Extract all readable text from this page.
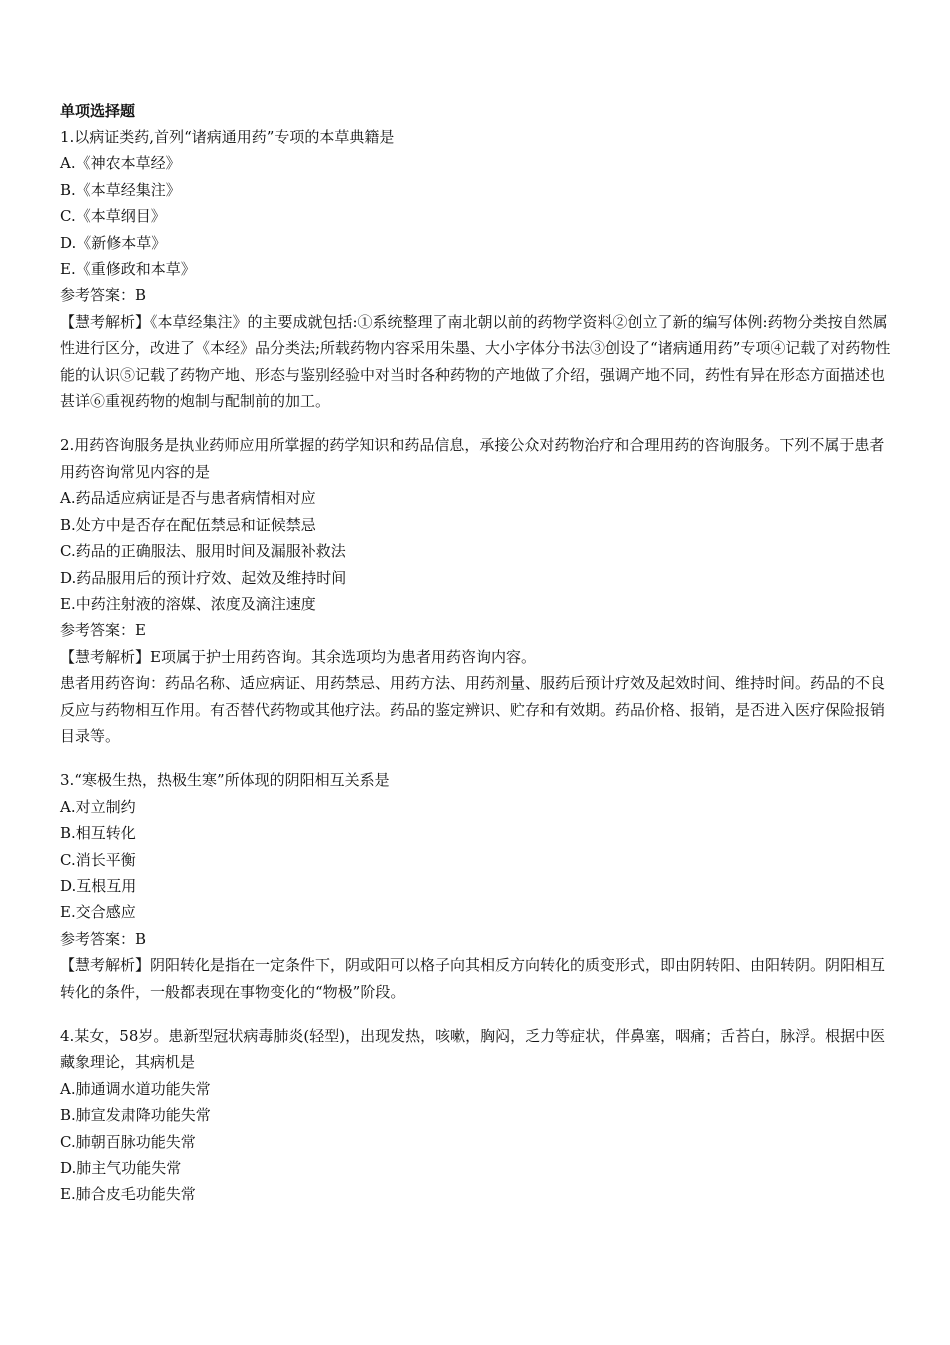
单项选择题
1.以病证类药,首列“诸病通用药”专项的本草典籍是
A.《神农本草经》
B.《本草经集注》
C.《本草纲目》
D.《新修本草》
E.《重修政和本草》
参考答案：B
【慧考解析】《本草经集注》的主要成就包括:①系统整理了南北朝以前的药物学资料②创立了新的编写体例:药物分类按自然属性进行区分，改进了《本经》品分类法;所载药物内容采用朱墨、大小字体分书法③创设了“诸病通用药”专项④记载了对药物性能的认识⑤记载了药物产地、形态与鉴别经验中对当时各种药物的产地做了介绍，强调产地不同，药性有异在形态方面描述也甚详⑥重视药物的炮制与配制前的加工。
2.用药咨询服务是执业药师应用所掌握的药学知识和药品信息，承接公众对药物治疗和合理用药的咨询服务。下列不属于患者用药咨询常见内容的是
A.药品适应病证是否与患者病情相对应
B.处方中是否存在配伍禁忌和证候禁忌
C.药品的正确服法、服用时间及漏服补救法
D.药品服用后的预计疗效、起效及维持时间
E.中药注射液的溶媒、浓度及滴注速度
参考答案：E
【慧考解析】E项属于护士用药咨询。其余选项均为患者用药咨询内容。
患者用药咨询：药品名称、适应病证、用药禁忌、用药方法、用药剂量、服药后预计疗效及起效时间、维持时间。药品的不良反应与药物相互作用。有否替代药物或其他疗法。药品的鉴定辨识、贮存和有效期。药品价格、报销，是否进入医疗保险报销目录等。
3.“寒极生热，热极生寒”所体现的阴阳相互关系是
A.对立制约
B.相互转化
C.消长平衡
D.互根互用
E.交合感应
参考答案：B
【慧考解析】阴阳转化是指在一定条件下，阴或阳可以格子向其相反方向转化的质变形式，即由阴转阳、由阳转阴。阴阳相互转化的条件，一般都表现在事物变化的“物极”阶段。
4.某女，58岁。患新型冠状病毒肺炎(轻型)，出现发热，咳嗽，胸闷，乏力等症状，伴鼻塞，咽痛；舌苔白，脉浮。根据中医藏象理论，其病机是
A.肺通调水道功能失常
B.肺宣发肃降功能失常
C.肺朝百脉功能失常
D.肺主气功能失常
E.肺合皮毛功能失常
